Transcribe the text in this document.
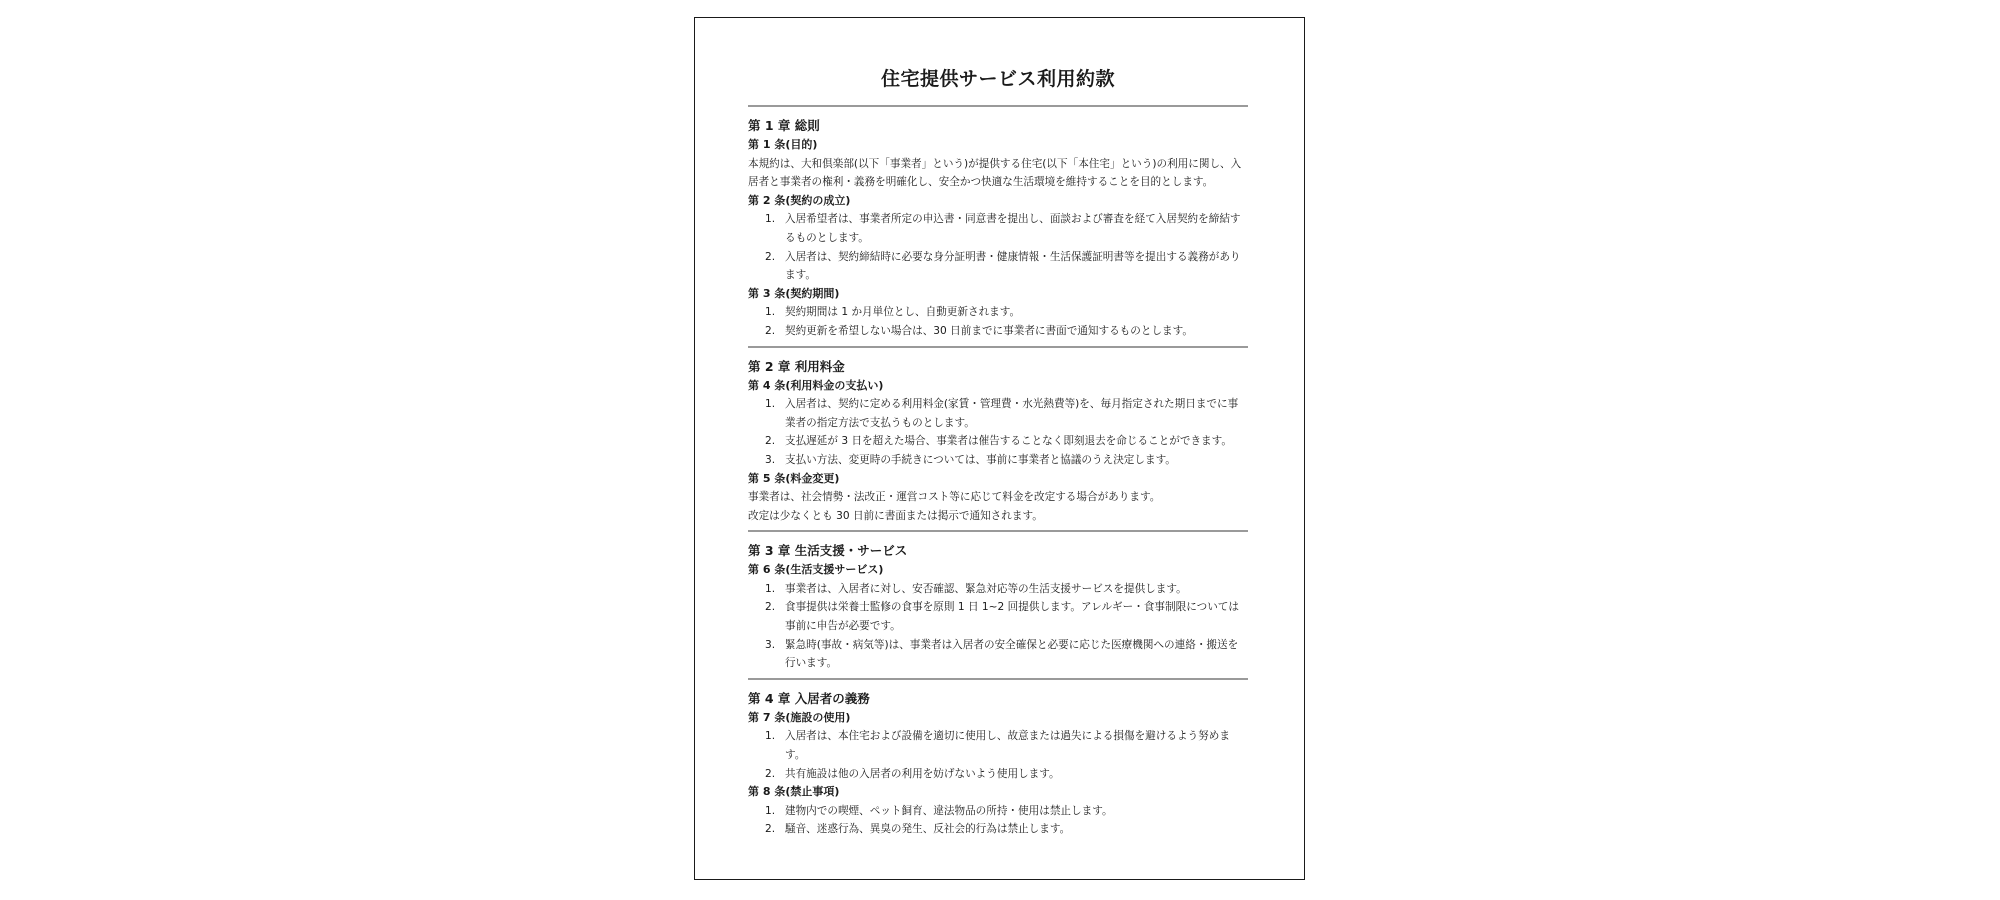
住宅提供サービス利用約款
第 1 章 総則
第 1 条(目的)

本規約は、大和倶楽部(以下「事業者」という)が提供する住宅(以下「本住宅」という)の利用に関し、入居者と事業者の権利・義務を明確化し、安全かつ快適な生活環境を維持することを目的とします。

第 2 条(契約の成立)
1. 入居希望者は、事業者所定の申込書・同意書を提出し、面談および審査を経て入居契約を締結するものとします。
2. 入居者は、契約締結時に必要な身分証明書・健康情報・生活保護証明書等を提出する義務があります。
第 3 条(契約期間)
1. 契約期間は 1 か月単位とし、自動更新されます。
2. 契約更新を希望しない場合は、30 日前までに事業者に書面で通知するものとします。
第 2 章 利用料金
第 4 条(利用料金の支払い)
1. 入居者は、契約に定める利用料金(家賃・管理費・水光熱費等)を、毎月指定された期日までに事業者の指定方法で支払うものとします。
2. 支払遅延が 3 日を超えた場合、事業者は催告することなく即刻退去を命じることができます。
3. 支払い方法、変更時の手続きについては、事前に事業者と協議のうえ決定します。
第 5 条(料金変更)

事業者は、社会情勢・法改正・運営コスト等に応じて料金を改定する場合があります。

改定は少なくとも 30 日前に書面または掲示で通知されます。

第 3 章 生活支援・サービス
第 6 条(生活支援サービス)
1. 事業者は、入居者に対し、安否確認、緊急対応等の生活支援サービスを提供します。
2. 食事提供は栄養士監修の食事を原則 1 日 1~2 回提供します。アレルギー・食事制限については事前に申告が必要です。
3. 緊急時(事故・病気等)は、事業者は入居者の安全確保と必要に応じた医療機関への連絡・搬送を行います。
第 4 章 入居者の義務
第 7 条(施設の使用)
1. 入居者は、本住宅および設備を適切に使用し、故意または過失による損傷を避けるよう努めます。
2. 共有施設は他の入居者の利用を妨げないよう使用します。
第 8 条(禁止事項)
1. 建物内での喫煙、ペット飼育、違法物品の所持・使用は禁止します。
2. 騒音、迷惑行為、異臭の発生、反社会的行為は禁止します。
